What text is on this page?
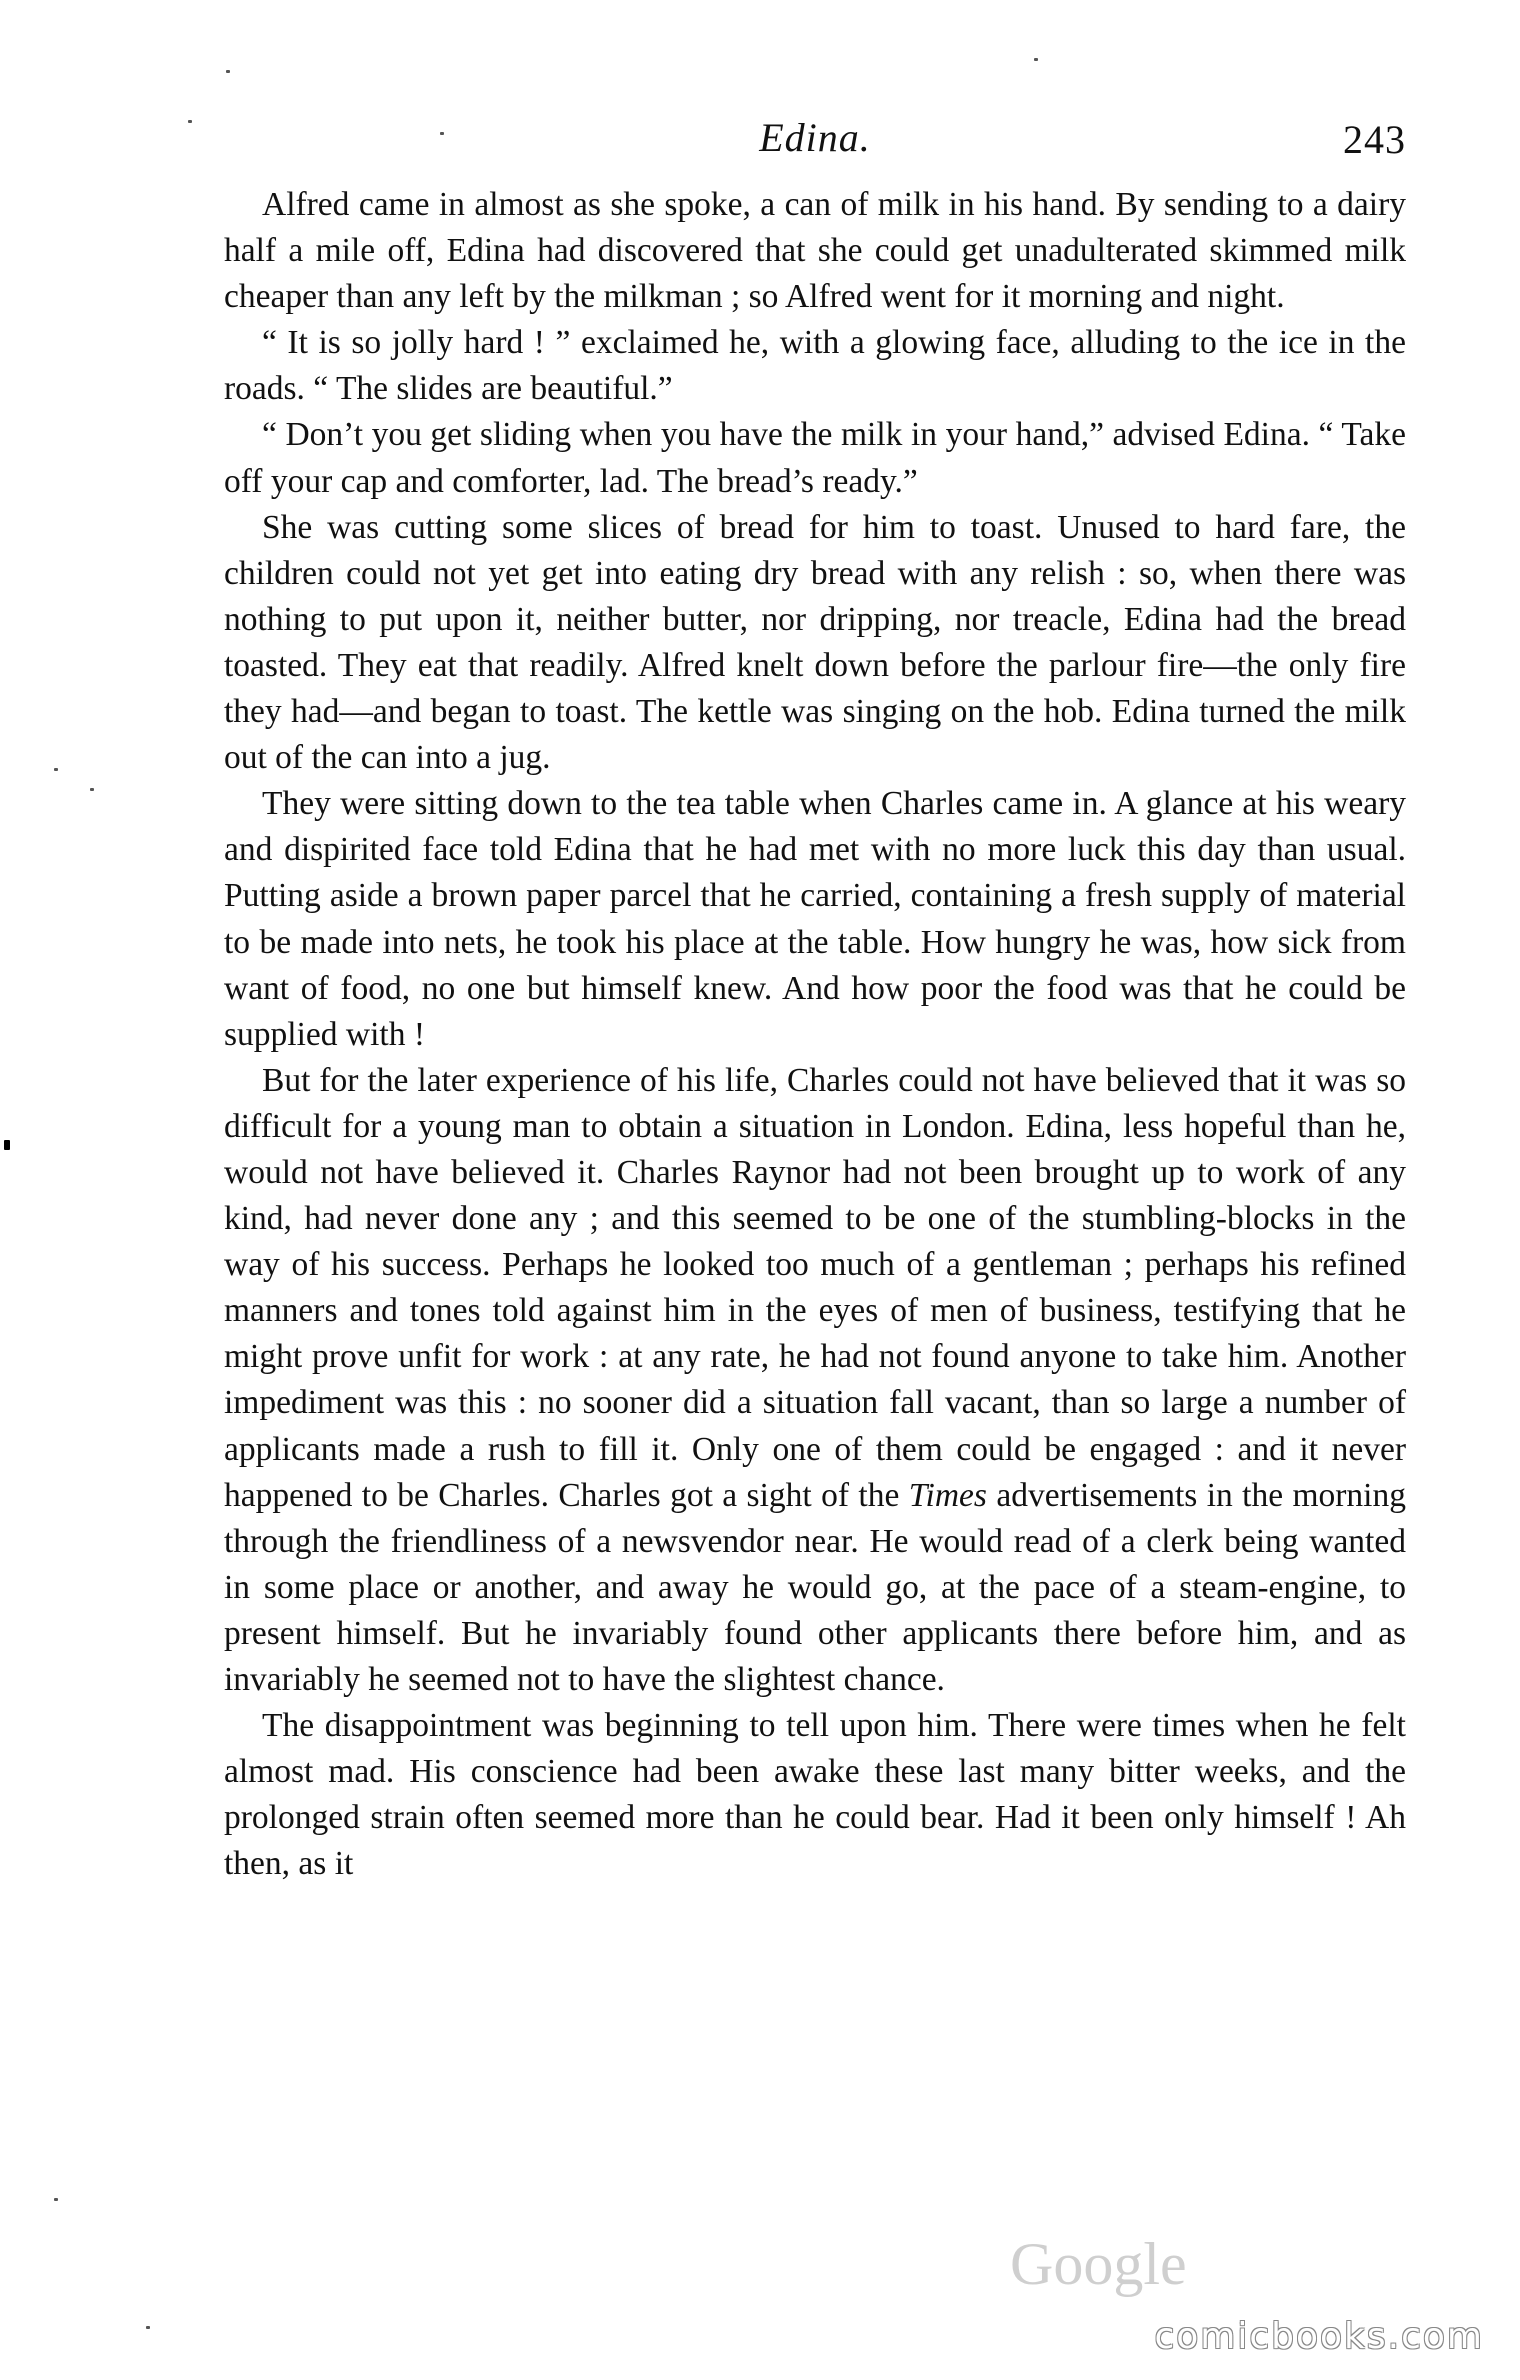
Edina.	243

Alfred came in almost as she spoke, a can of milk in his hand. By sending to a dairy half a mile off, Edina had discovered that she could get unadulterated skimmed milk cheaper than any left by the milkman ; so Alfred went for it morning and night.

“ It is so jolly hard ! ” exclaimed he, with a glowing face, alluding to the ice in the roads. “ The slides are beautiful.”

“ Don’t you get sliding when you have the milk in your hand,” advised Edina. “ Take off your cap and comforter, lad. The bread’s ready.”

She was cutting some slices of bread for him to toast. Unused to hard fare, the children could not yet get into eating dry bread with any relish : so, when there was nothing to put upon it, neither butter, nor dripping, nor treacle, Edina had the bread toasted. They eat that readily. Alfred knelt down before the parlour fire—the only fire they had—and began to toast. The kettle was singing on the hob. Edina turned the milk out of the can into a jug.

They were sitting down to the tea table when Charles came in. A glance at his weary and dispirited face told Edina that he had met with no more luck this day than usual. Putting aside a brown paper parcel that he carried, containing a fresh supply of material to be made into nets, he took his place at the table. How hungry he was, how sick from want of food, no one but himself knew. And how poor the food was that he could be supplied with !

But for the later experience of his life, Charles could not have believed that it was so difficult for a young man to obtain a situation in London. Edina, less hopeful than he, would not have believed it. Charles Raynor had not been brought up to work of any kind, had never done any ; and this seemed to be one of the stumbling-blocks in the way of his success. Perhaps he looked too much of a gentleman ; perhaps his refined manners and tones told against him in the eyes of men of business, testifying that he might prove unfit for work : at any rate, he had not found anyone to take him. Another impediment was this : no sooner did a situation fall vacant, than so large a number of applicants made a rush to fill it. Only one of them could be engaged : and it never happened to be Charles. Charles got a sight of the Times advertisements in the morning through the friendliness of a newsvendor near. He would read of a clerk being wanted in some place or another, and away he would go, at the pace of a steam-engine, to present himself. But he invariably found other applicants there before him, and as invariably he seemed not to have the slightest chance.

The disappointment was beginning to tell upon him. There were times when he felt almost mad. His conscience had been awake these last many bitter weeks, and the prolonged strain often seemed more than he could bear. Had it been only himself ! Ah then, as it

Google
comicbooks.com
